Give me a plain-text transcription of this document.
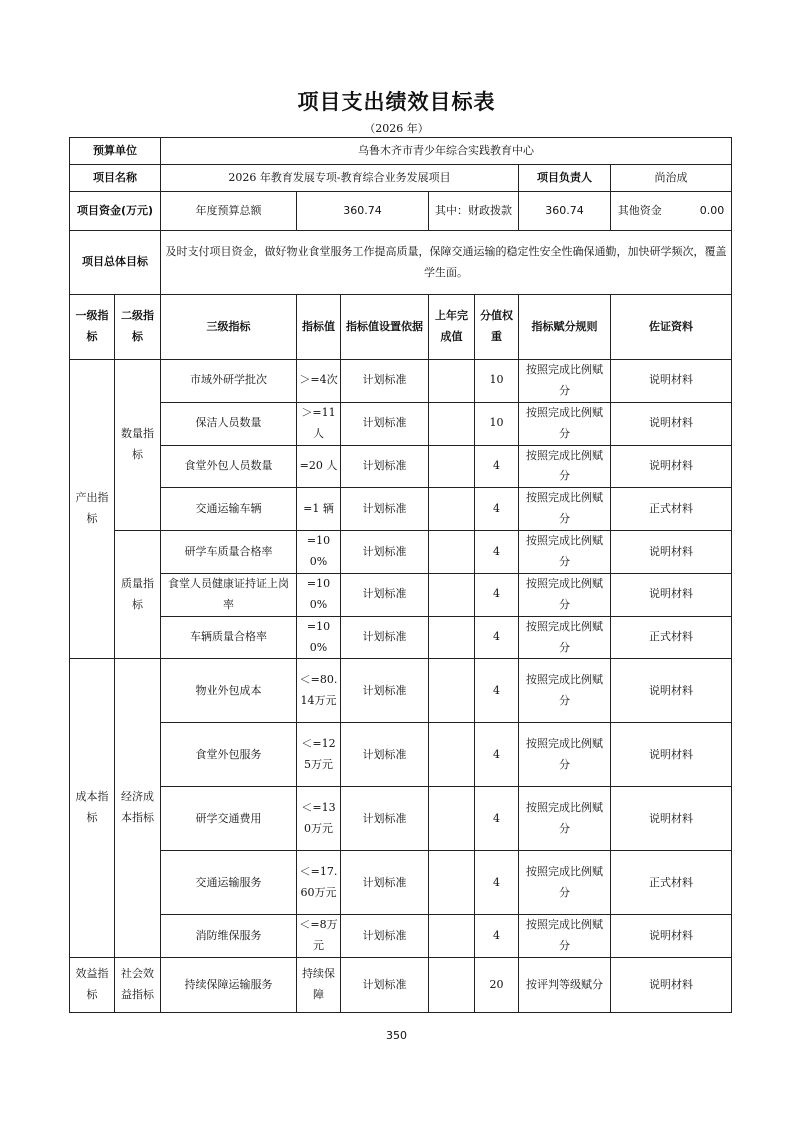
项目支出绩效目标表
（2026 年）
预算单位		乌鲁木齐市青少年综合实践教育中心						
项目名称		2026 年教育发展专项-教育综合业务发展项目					项目负责人	尚治成
项目资金(万元)		年度预算总额	360.74		其中：财政拨款		360.74	其他资金 0.00
项目总体目标		及时支付项目资金，做好物业食堂服务工作提高质量，保障交通运输的稳定性安全性确保通勤，加快研学频次，覆盖学生面。						
一级指标	二级指标	三级指标	指标值	指标值设置依据	上年完成值	分值权重	指标赋分规则	佐证资料
产出指标	数量指标	市域外研学批次	＞=4次	计划标准		10	按照完成比例赋分	说明材料
		保洁人员数量	＞=11人	计划标准		10	按照完成比例赋分	说明材料
		食堂外包人员数量	=20 人	计划标准		4	按照完成比例赋分	说明材料
		交通运输车辆	=1 辆	计划标准		4	按照完成比例赋分	正式材料
	质量指标	研学车质量合格率	=100%	计划标准		4	按照完成比例赋分	说明材料
		食堂人员健康证持证上岗率	=100%	计划标准		4	按照完成比例赋分	说明材料
		车辆质量合格率	=100%	计划标准		4	按照完成比例赋分	正式材料
成本指标	经济成本指标	物业外包成本	＜=80.14万元	计划标准		4	按照完成比例赋分	说明材料
		食堂外包服务	＜=125万元	计划标准		4	按照完成比例赋分	说明材料
		研学交通费用	＜=130万元	计划标准		4	按照完成比例赋分	说明材料
		交通运输服务	＜=17.60万元	计划标准		4	按照完成比例赋分	正式材料
		消防维保服务	＜=8万元	计划标准		4	按照完成比例赋分	说明材料
效益指标	社会效益指标	持续保障运输服务	持续保障	计划标准		20	按评判等级赋分	说明材料
350
